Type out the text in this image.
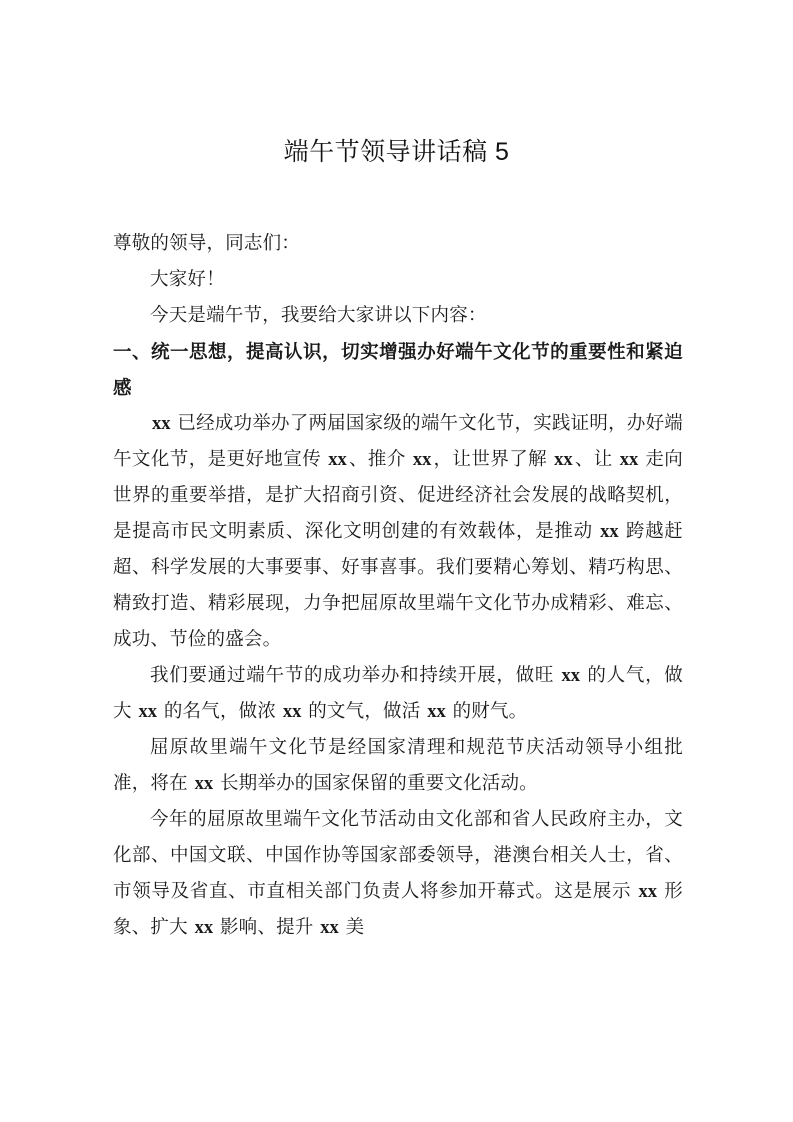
端午节领导讲话稿 5

尊敬的领导，同志们：

大家好！

今天是端午节，我要给大家讲以下内容：

一、统一思想，提高认识，切实增强办好端午文化节的重要性和紧迫感

xx 已经成功举办了两届国家级的端午文化节，实践证明，办好端午文化节，是更好地宣传 xx 、推介 xx ，让世界了解 xx 、让 xx 走向世界的重要举措，是扩大招商引资、促进经济社会发展的战略契机，是提高市民文明素质、深化文明创建的有效载体，是推动 xx 跨越赶超、科学发展的大事要事、好事喜事。我们要精心筹划、精巧构思、精致打造、精彩展现，力争把屈原故里端午文化节办成精彩、难忘、成功、节俭的盛会。

我们要通过端午节的成功举办和持续开展，做旺 xx 的人气，做大 xx 的名气，做浓 xx 的文气，做活 xx 的财气。

屈原故里端午文化节是经国家清理和规范节庆活动领导小组批准，将在 xx 长期举办的国家保留的重要文化活动。

今年的屈原故里端午文化节活动由文化部和省人民政府主办，文化部、中国文联、中国作协等国家部委领导，港澳台相关人士，省、市领导及省直、市直相关部门负责人将参加开幕式。这是展示 xx 形象、扩大 xx 影响、提升 xx 美
